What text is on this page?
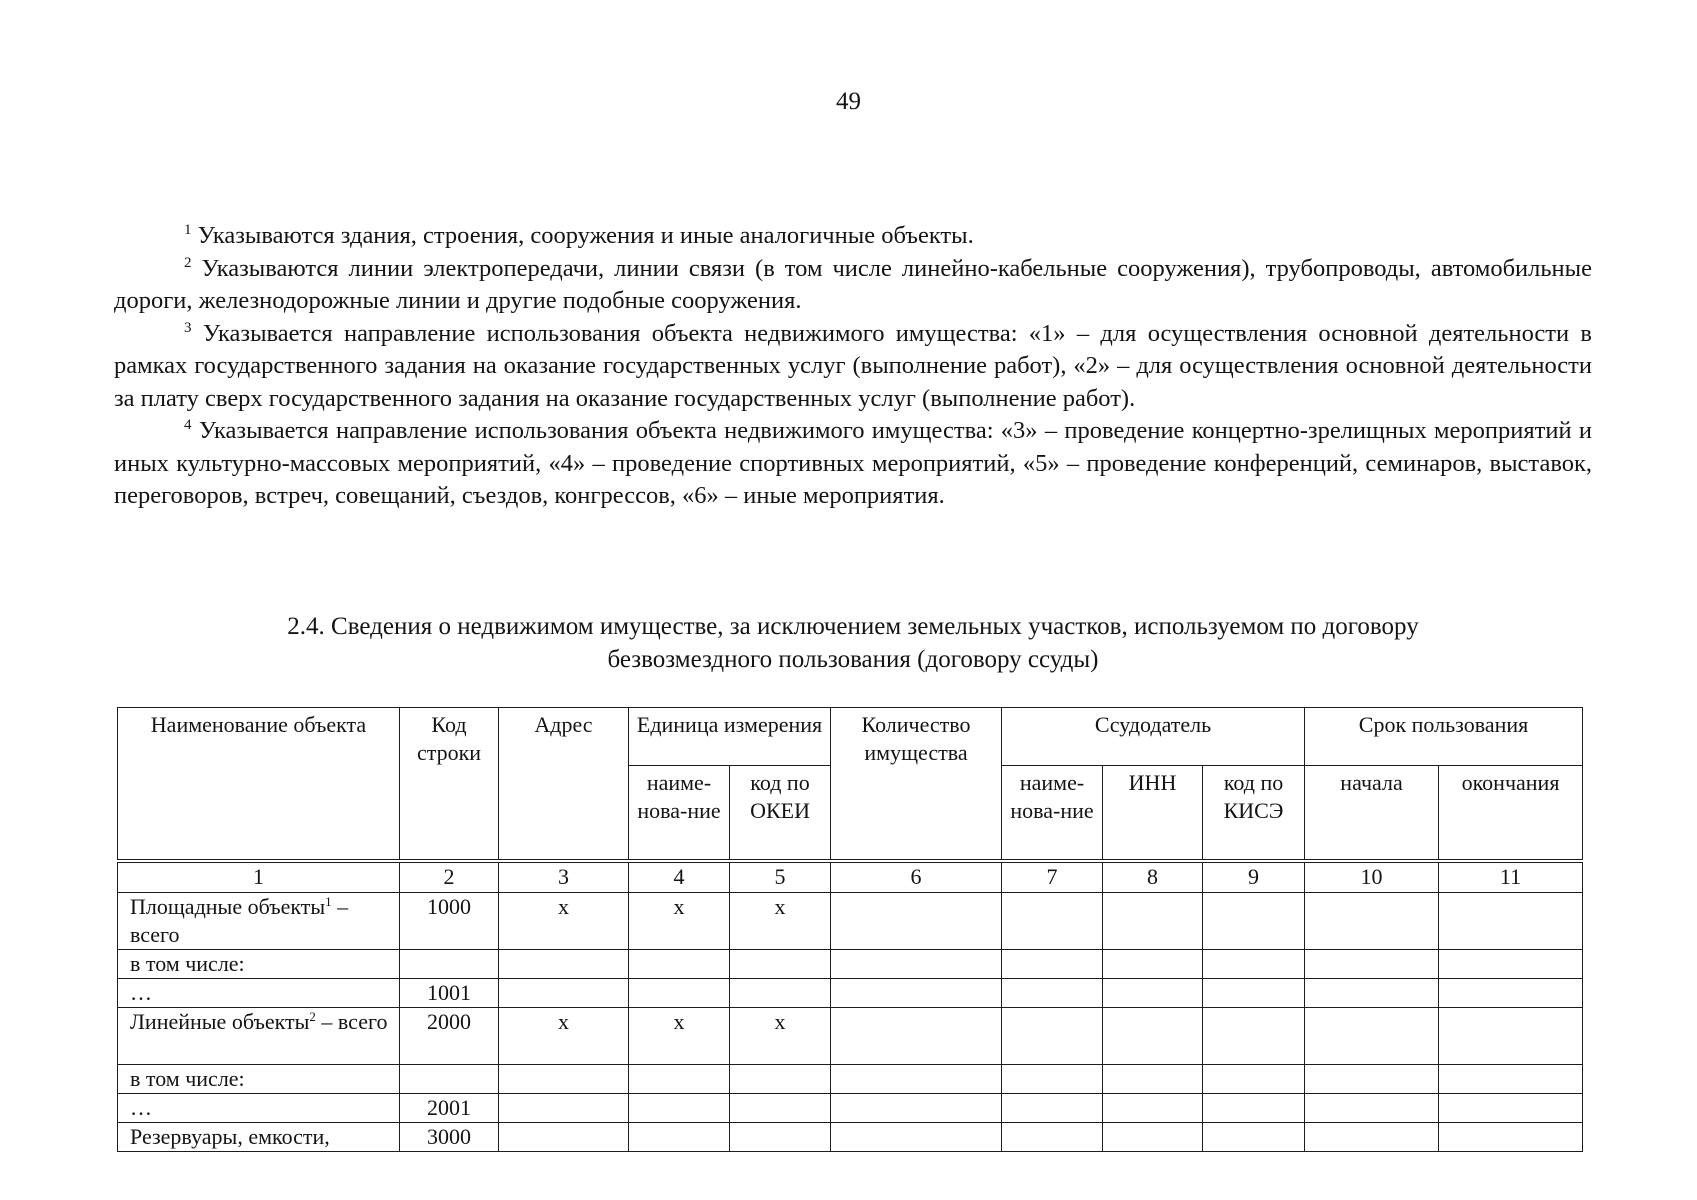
49

$^1$ Указываются здания, строения, сооружения и иные аналогичные объекты.

$^2$ Указываются линии электропередачи, линии связи (в том числе линейно-кабельные сооружения), трубопроводы, автомобильные дороги, железнодорожные линии и другие подобные сооружения.

$^3$ Указывается направление использования объекта недвижимого имущества: «1» – для осуществления основной деятельности в рамках государственного задания на оказание государственных услуг (выполнение работ), «2» – для осуществления основной деятельности за плату сверх государственного задания на оказание государственных услуг (выполнение работ).

$^4$ Указывается направление использования объекта недвижимого имущества: «3» – проведение концертно-зрелищных мероприятий и иных культурно-массовых мероприятий, «4» – проведение спортивных мероприятий, «5» – проведение конференций, семинаров, выставок, переговоров, встреч, совещаний, съездов, конгрессов, «6» – иные мероприятия.

2.4. Сведения о недвижимом имуществе, за исключением земельных участков, используемом по договору
безвозмездного пользования (договору ссуды)
Наименование объекта	Код строки	Адрес	Единица измерения		Количество имущества	Ссудодатель			Срок пользования	
			наиме-нова-ние	код по ОКЕИ		наиме-нова-ние	ИНН	код по КИСЭ	начала	окончания
1	2	3	4	5	6	7	8	9	10	11
Площадные объекты$^1$ – всего	1000	х	х	х						
в том числе:										
…	1001									
Линейные объекты$^2$ – всего	2000	х	х	х						
в том числе:										
…	2001									
Резервуары, емкости,	3000									
